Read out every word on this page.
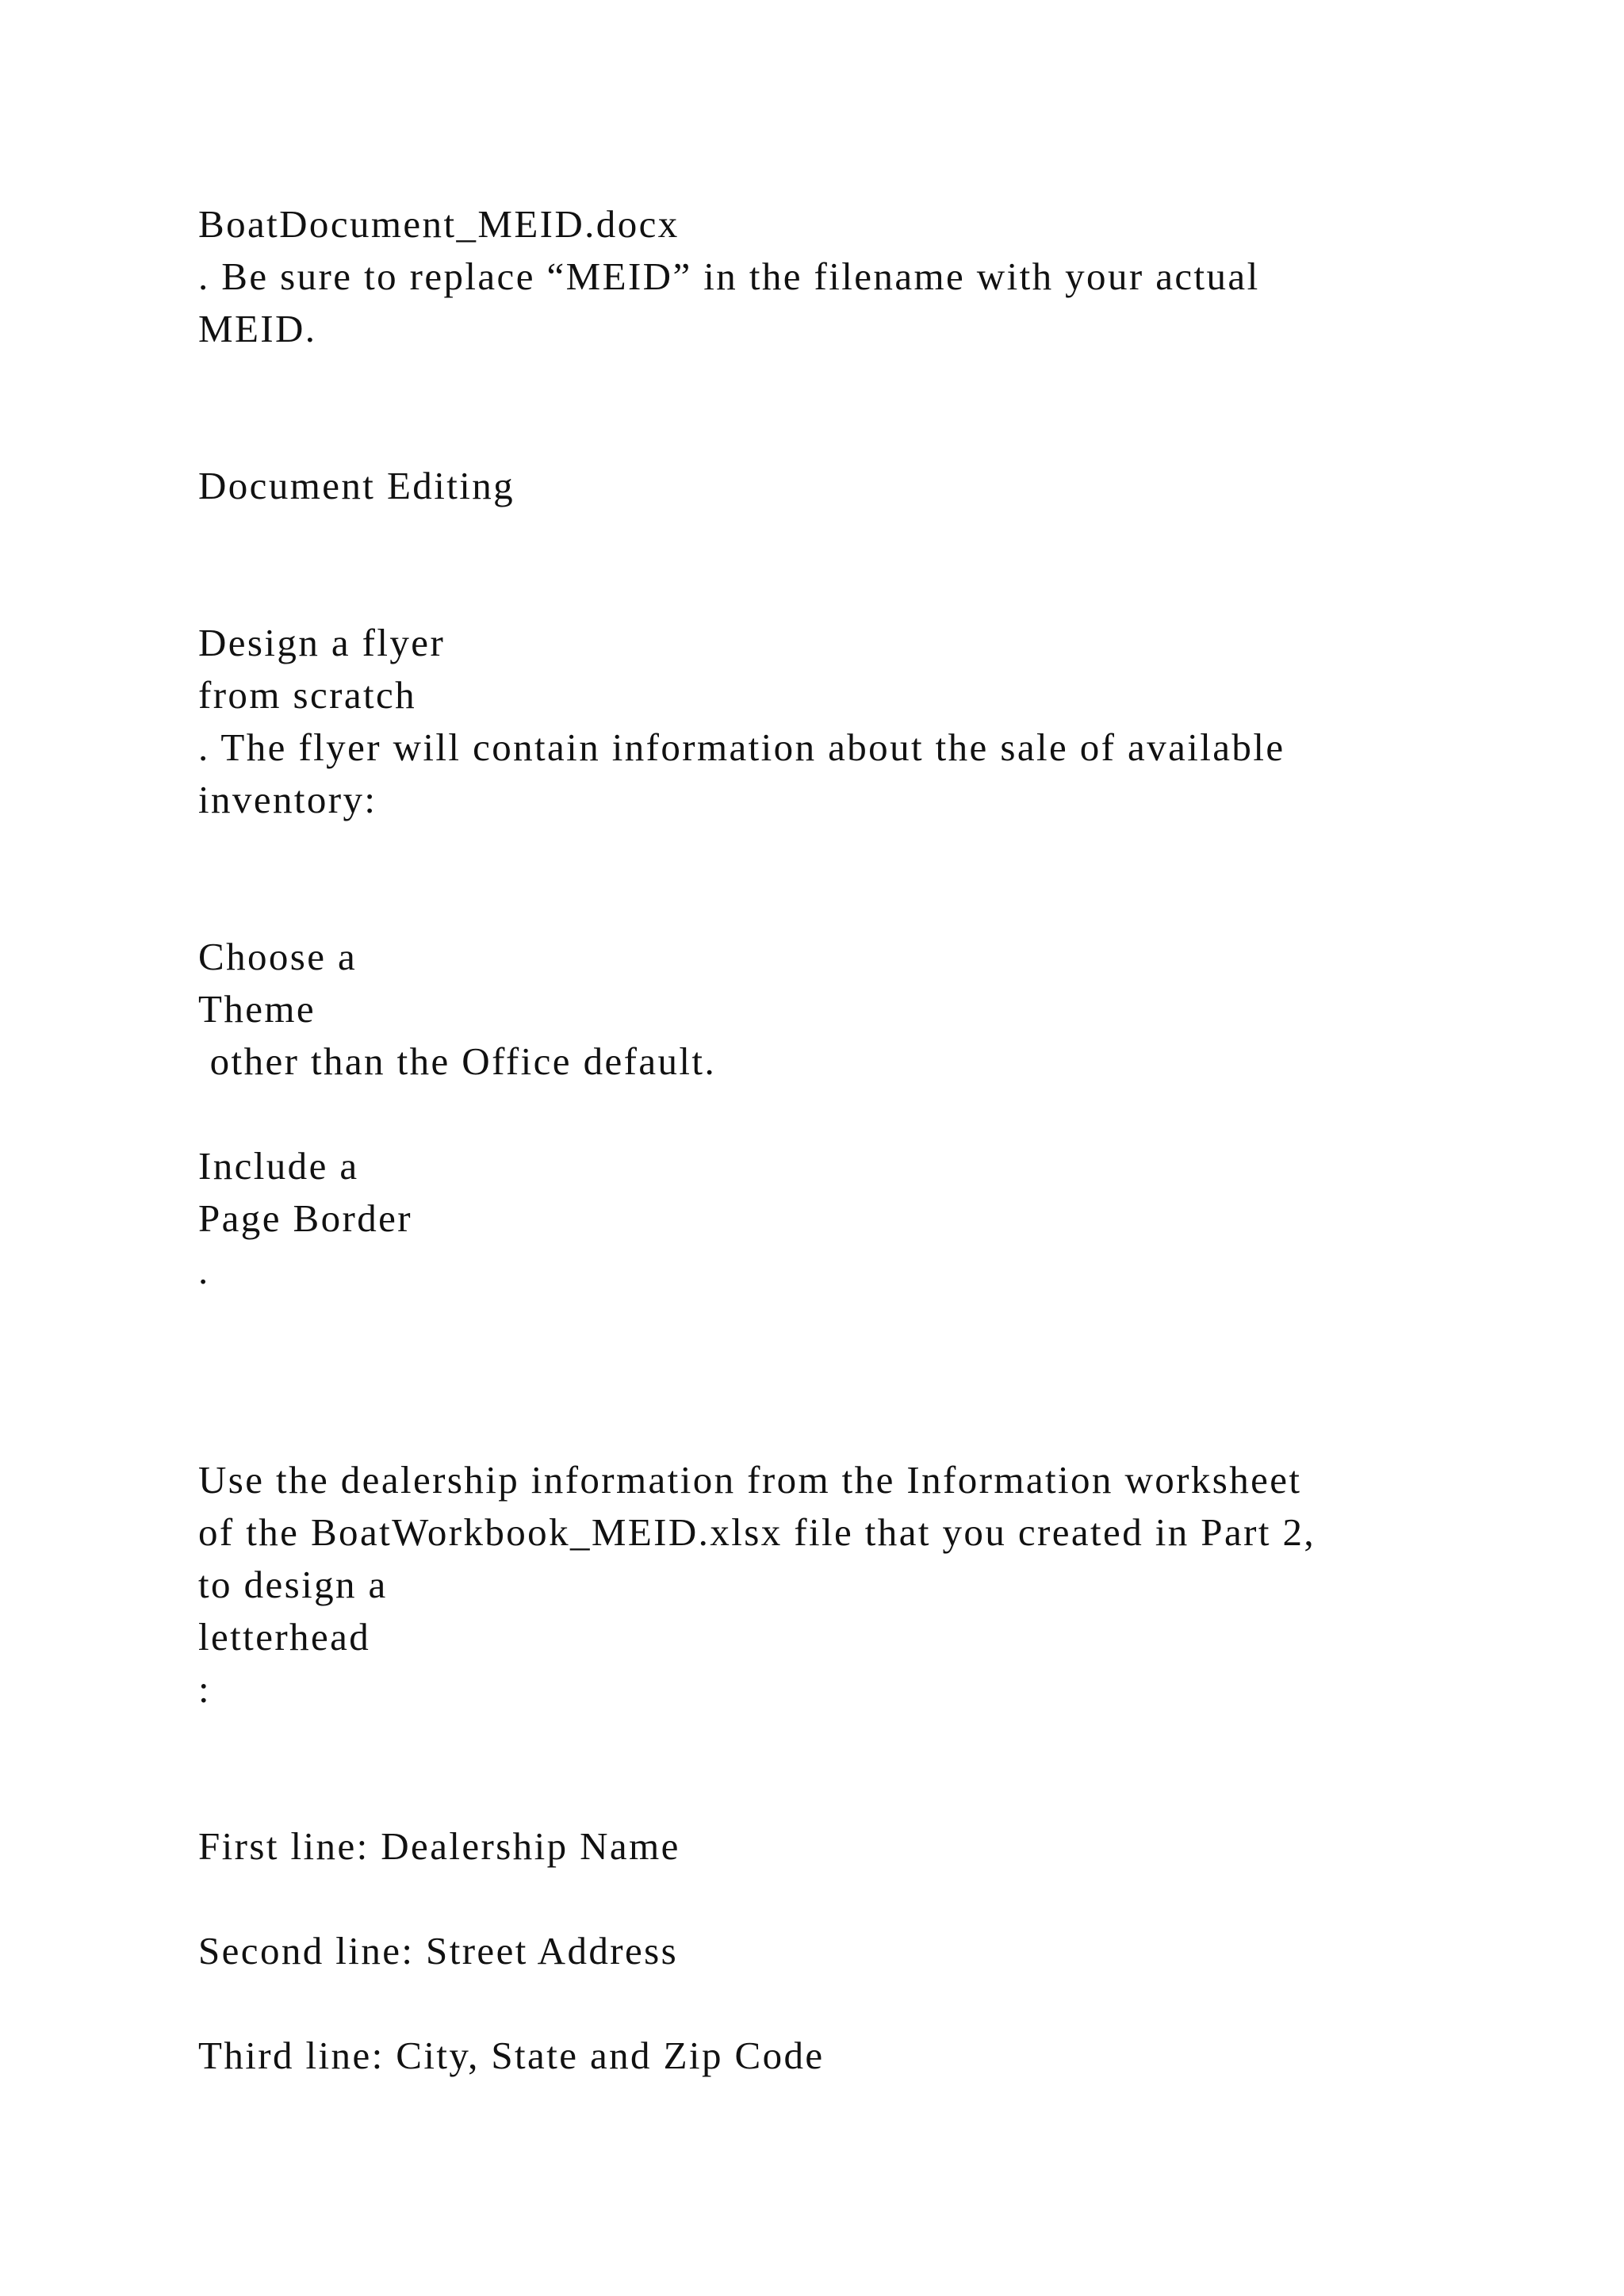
BoatDocument_MEID.docx

. Be sure to replace “MEID” in the filename with your actual

MEID.

Document Editing

Design a flyer

from scratch

. The flyer will contain information about the sale of available

inventory:

Choose a

Theme

other than the Office default.

Include a

Page Border

.

Use the dealership information from the Information worksheet

of the BoatWorkbook_MEID.xlsx file that you created in Part 2,

to design a

letterhead

:

First line: Dealership Name

Second line: Street Address

Third line: City, State and Zip Code
